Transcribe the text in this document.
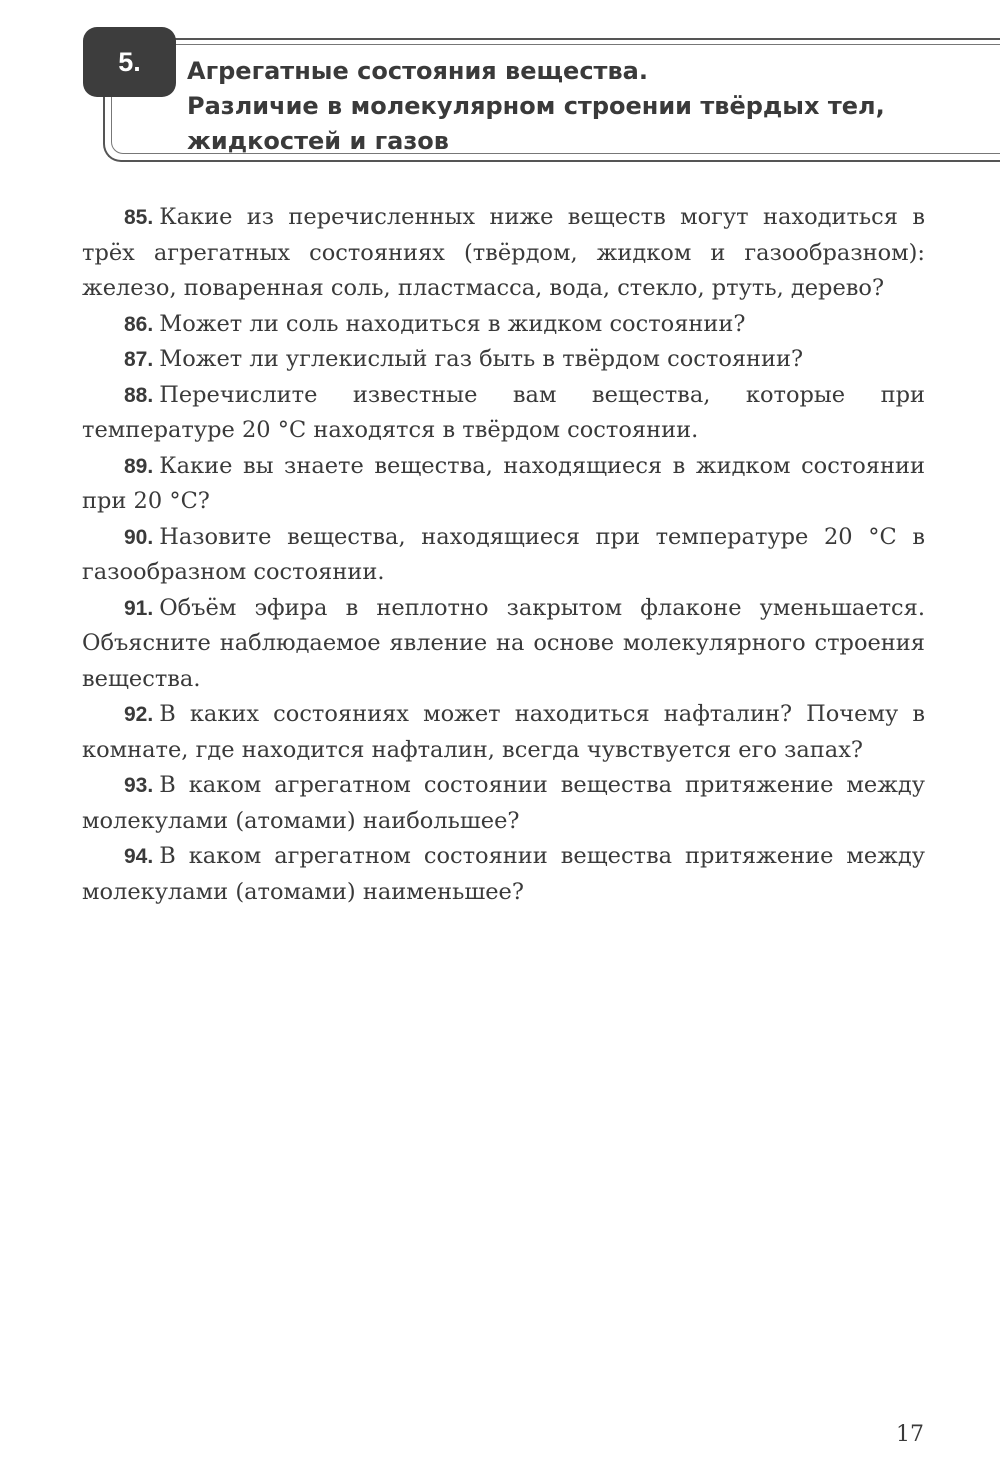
5. Агрегатные состояния вещества.
Различие в молекулярном строении твёрдых тел,
жидкостей и газов

85. Какие из перечисленных ниже веществ могут находиться в трёх агрегатных состояниях (твёрдом, жидком и газообразном): железо, поваренная соль, пластмасса, вода, стекло, ртуть, дерево?

86. Может ли соль находиться в жидком состоянии?

87. Может ли углекислый газ быть в твёрдом состоянии?

88. Перечислите известные вам вещества, которые при температуре 20 °С находятся в твёрдом состоянии.

89. Какие вы знаете вещества, находящиеся в жидком состоянии при 20 °С?

90. Назовите вещества, находящиеся при температуре 20 °С в газообразном состоянии.

91. Объём эфира в неплотно закрытом флаконе уменьшается. Объясните наблюдаемое явление на основе молекулярного строения вещества.

92. В каких состояниях может находиться нафталин? Почему в комнате, где находится нафталин, всегда чувствуется его запах?

93. В каком агрегатном состоянии вещества притяжение между молекулами (атомами) наибольшее?

94. В каком агрегатном состоянии вещества притяжение между молекулами (атомами) наименьшее?

17
